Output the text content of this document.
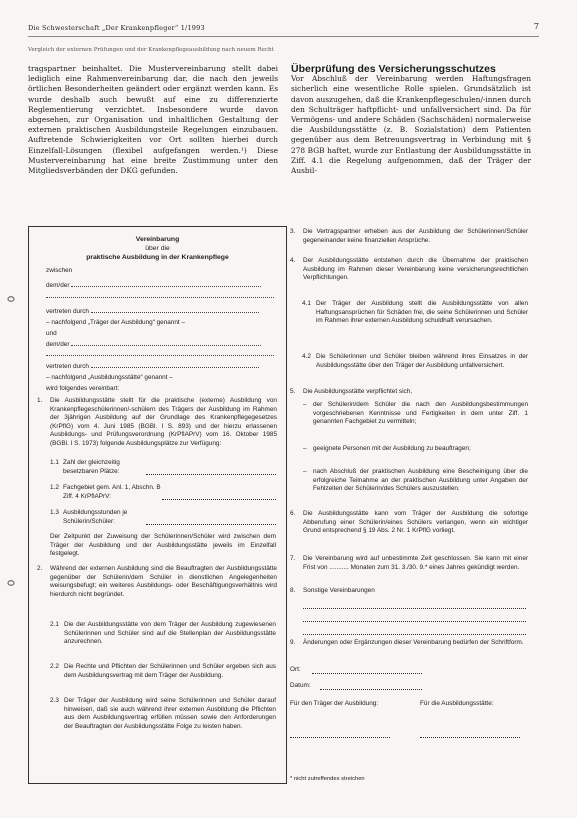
Die Schwesterschaft „Der Krankenpfleger“ 1/1993	7
Vergleich der externen Prüfungen und der Krankenpflegeausbildung nach neuem Recht

tragspartner beinhaltet. Die Mustervereinbarung stellt dabei lediglich eine Rahmenvereinbarung dar, die nach den jeweils örtlichen Besonderheiten geändert oder ergänzt werden kann. Es wurde deshalb auch bewußt auf eine zu differenzierte Reglementierung verzichtet. Insbesondere wurde davon abgesehen, zur Organisation und inhaltlichen Gestaltung der externen praktischen Ausbildungsteile Regelungen einzubauen. Auftretende Schwierigkeiten vor Ort sollten hierbei durch Einzelfall-Lösungen (flexibel aufgefangen werden.¹) Diese Mustervereinbarung hat eine breite Zustimmung unter den Mitgliedsverbänden der DKG gefunden.

Überprüfung des Versicherungsschutzes

Vor Abschluß der Vereinbarung werden Haftungsfragen sicherlich eine wesentliche Rolle spielen. Grundsätzlich ist davon auszugehen, daß die Krankenpflegeschulen/-innen durch den Schulträger haftpflicht- und unfallversichert sind. Da für Vermögens- und andere Schäden (Sachschäden) normalerweise die Ausbildungsstätte (z. B. Sozialstation) dem Patienten gegenüber aus dem Betreuungsvertrag in Verbindung mit § 278 BGB haftet, wurde zur Entlastung der Ausbildungsstätte in Ziff. 4.1 die Regelung aufgenommen, daß der Träger der Ausbil-

Vereinbarung
über die
praktische Ausbildung in der Krankenpflege
zwischen
dem/der
vertreten durch
– nachfolgend „Träger der Ausbildung“ genannt –
und
dem/der
vertreten durch
– nachfolgend „Ausbildungsstätte“ genannt –
wird folgendes vereinbart:
1. Die Ausbildungsstätte stellt für die praktische (externe) Ausbildung von Krankenpflegeschülerinnen/-schülern des Trägers der Ausbildung im Rahmen der 3jährigen Ausbildung auf der Grundlage des Krankenpflegegesetzes (KrPflG) vom 4. Juni 1985 (BGBl. I S. 893) und der hierzu erlassenen Ausbildungs- und Prüfungsverordnung (KrPflAPrV) vom 16. Oktober 1985 (BGBl. I S. 1973) folgende Ausbildungsplätze zur Verfügung:
1.1 Zahl der gleichzeitig besetzbaren Plätze:
1.2 Fachgebiet gem. Anl. 1, Abschn. B Ziff. 4 KrPflAPrV:
1.3 Ausbildungsstunden je Schülerin/Schüler:
Der Zeitpunkt der Zuweisung der Schülerinnen/Schüler wird zwischen dem Träger der Ausbildung und der Ausbildungsstätte jeweils im Einzelfall festgelegt.
2. Während der externen Ausbildung sind die Beauftragten der Ausbildungsstätte gegenüber der Schülerin/dem Schüler in dienstlichen Angelegenheiten weisungsbefugt; ein weiteres Ausbildungs- oder Beschäftigungsverhältnis wird hierdurch nicht begründet.
2.1 Die der Ausbildungsstätte von dem Träger der Ausbildung zugewiesenen Schülerinnen und Schüler sind auf die Stellenplan der Ausbildungsstätte anzurechnen.
2.2 Die Rechte und Pflichten der Schülerinnen und Schüler ergeben sich aus dem Ausbildungsvertrag mit dem Träger der Ausbildung.
2.3 Der Träger der Ausbildung wird seine Schülerinnen und Schüler darauf hinweisen, daß sie auch während ihrer externen Ausbildung die Pflichten aus dem Ausbildungsvertrag erfüllen müssen sowie den Anforderungen der Beauftragten der Ausbildungsstätte Folge zu leisten haben.
3. Die Vertragspartner erheben aus der Ausbildung der Schülerinnen/Schüler gegeneinander keine finanziellen Ansprüche.
4. Der Ausbildungsstätte entstehen durch die Übernahme der praktischen Ausbildung im Rahmen dieser Vereinbarung keine versicherungsrechtlichen Verpflichtungen.
4.1 Der Träger der Ausbildung stellt die Ausbildungsstätte von allen Haftungsansprüchen für Schäden frei, die seine Schülerinnen und Schüler im Rahmen ihrer externen Ausbildung schuldhaft verursachen.
4.2 Die Schülerinnen und Schüler bleiben während ihres Einsatzes in der Ausbildungsstätte über den Träger der Ausbildung unfallversichert.
5. Die Ausbildungsstätte verpflichtet sich,
– der Schülerin/dem Schüler die nach den Ausbildungsbestimmungen vorgeschriebenen Kenntnisse und Fertigkeiten in dem unter Ziff. 1 genannten Fachgebiet zu vermitteln;
– geeignete Personen mit der Ausbildung zu beauftragen;
– nach Abschluß der praktischen Ausbildung eine Bescheinigung über die erfolgreiche Teilnahme an der praktischen Ausbildung unter Angaben der Fehlzeiten der Schülerin/des Schülers auszustellen.
6. Die Ausbildungsstätte kann vom Träger der Ausbildung die sofortige Abberufung einer Schülerin/eines Schülers verlangen, wenn ein wichtiger Grund entsprechend § 19 Abs. 2 Nr. 1 KrPflG vorliegt.
7. Die Vereinbarung wird auf unbestimmte Zeit geschlossen. Sie kann mit einer Frist von ........... Monaten zum 31. 3./30. 9.* eines Jahres gekündigt werden.
8. Sonstige Vereinbarungen
9. Änderungen oder Ergänzungen dieser Vereinbarung bedürfen der Schriftform.
Ort:
Datum:
Für den Träger der Ausbildung:	Für die Ausbildungsstätte:
* nicht zutreffendes streichen
